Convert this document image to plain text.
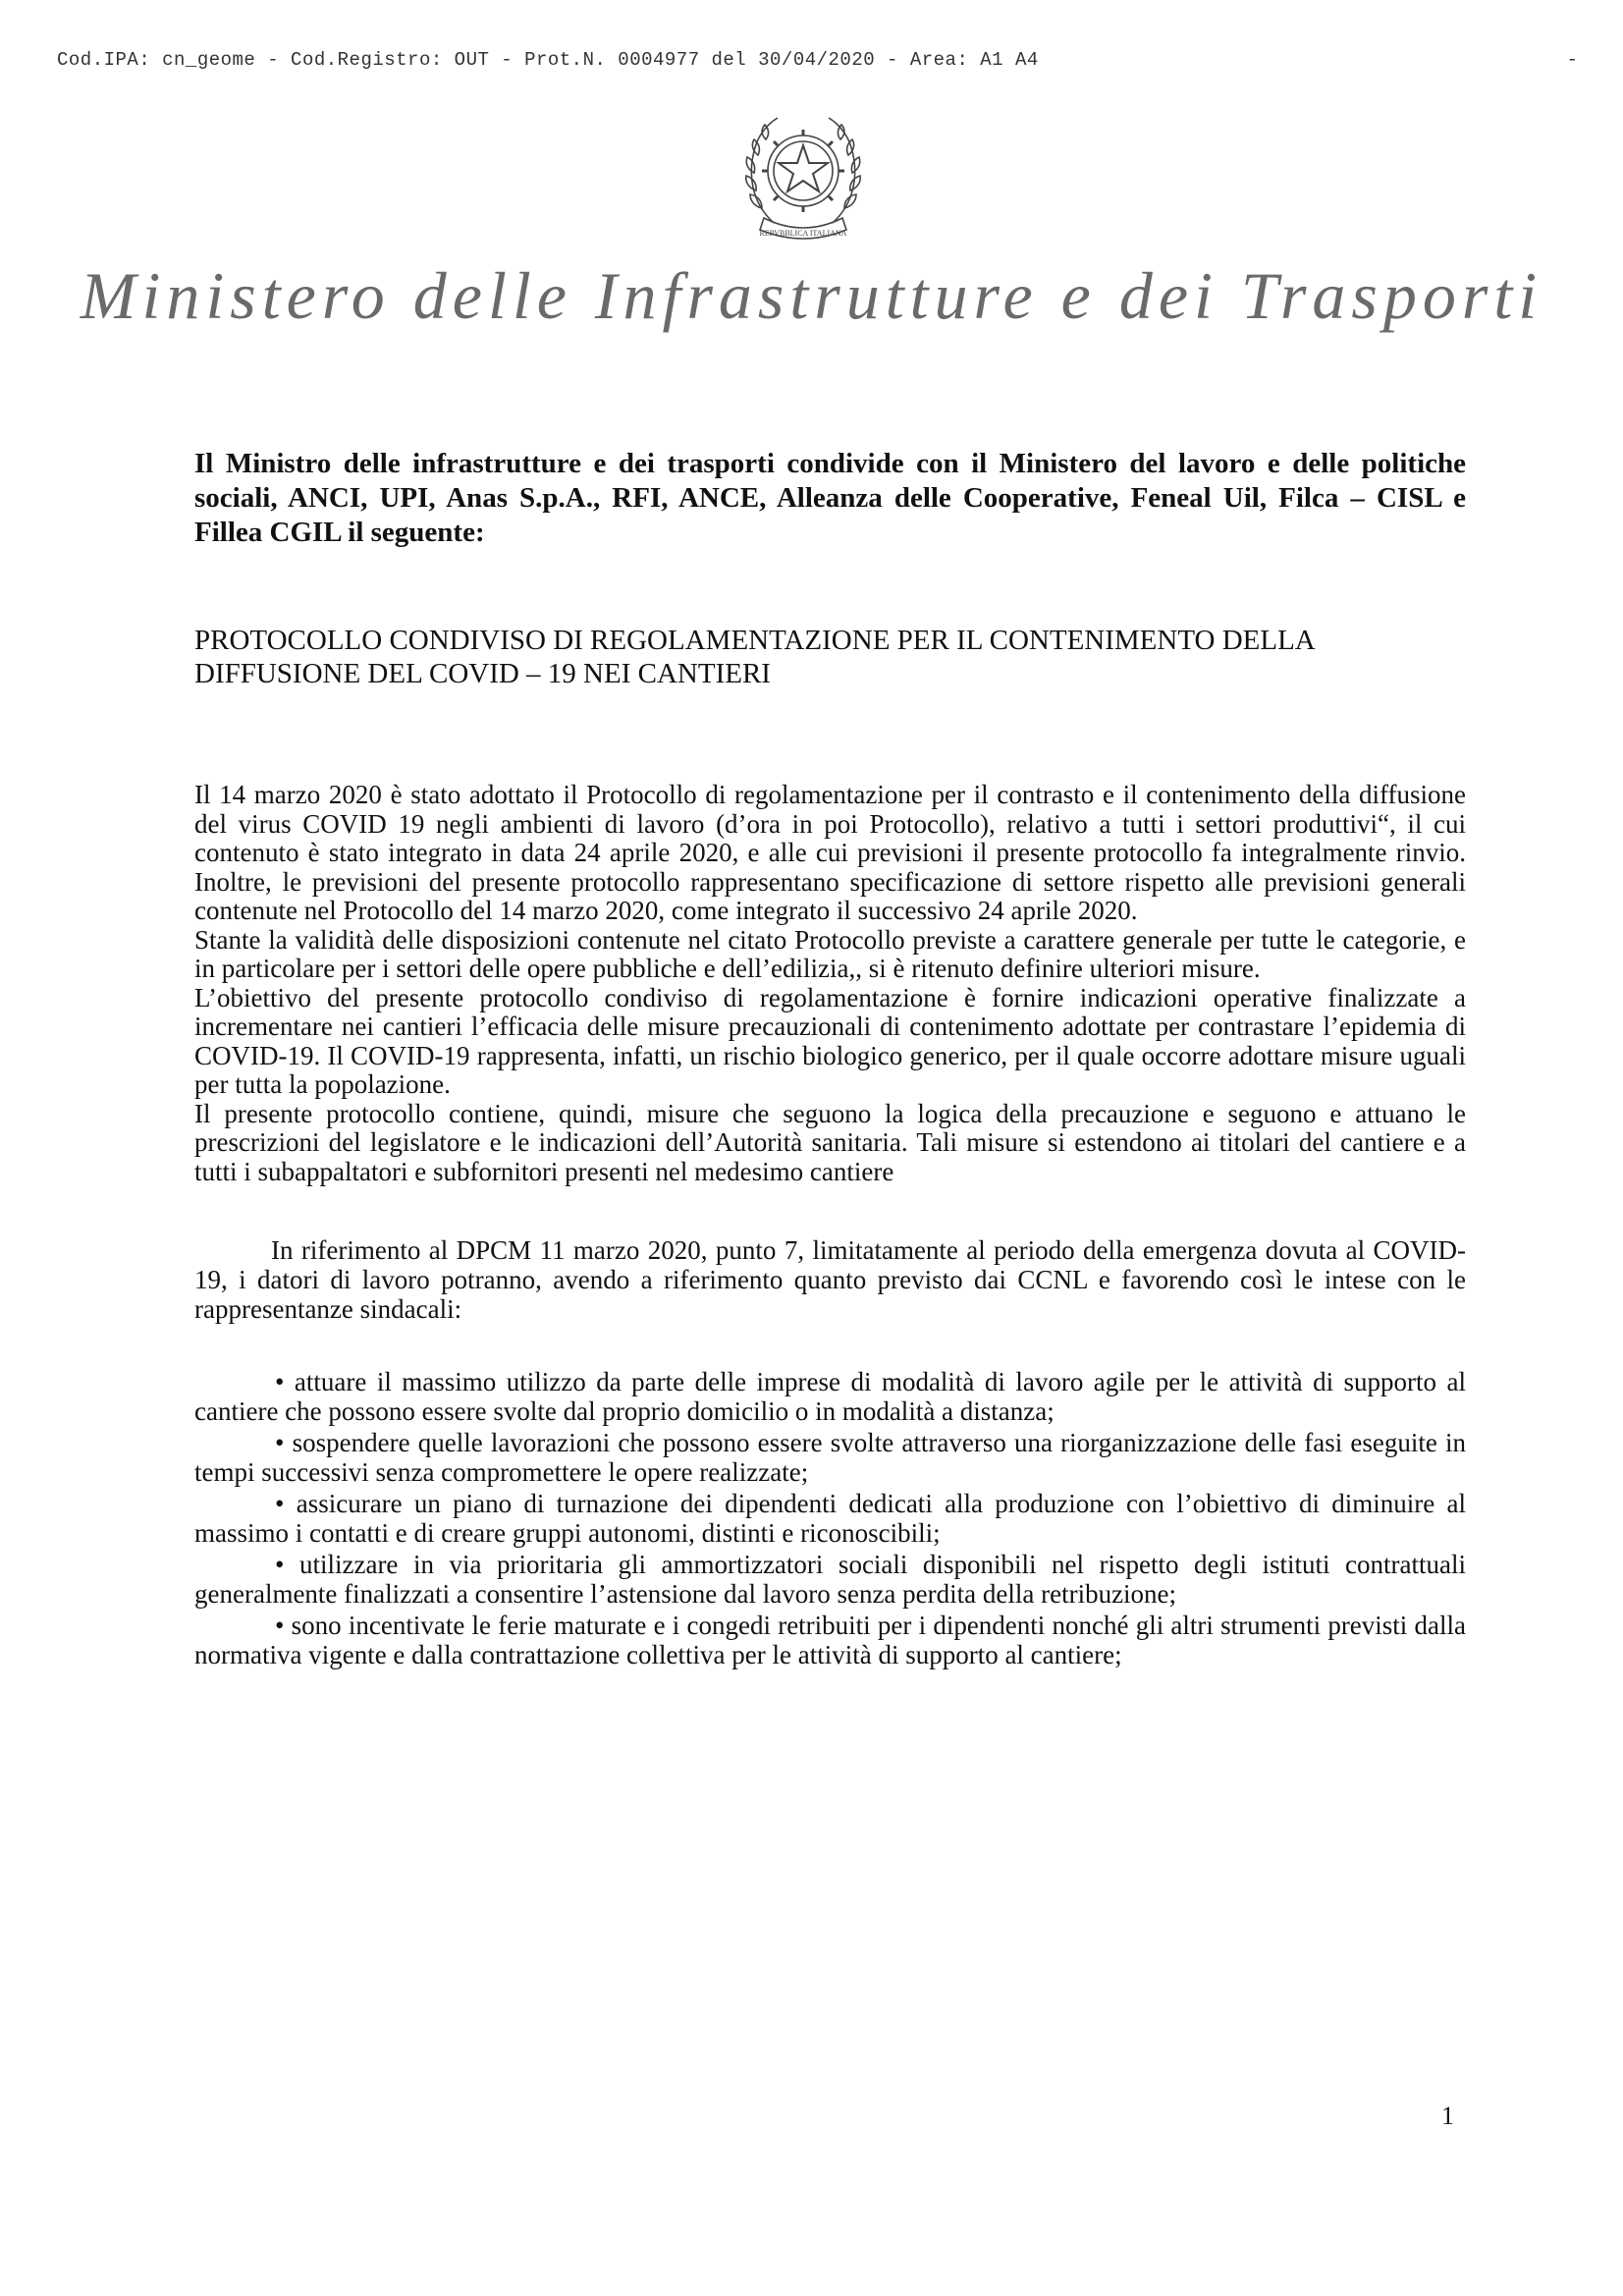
Cod.IPA: cn_geome - Cod.Registro: OUT - Prot.N. 0004977 del 30/04/2020 - Area: A1 A4	-
REPVBBLICA ITALIANA
Ministero delle Infrastrutture e dei Trasporti

Il Ministro delle infrastrutture e dei trasporti condivide con il Ministero del lavoro e delle politiche sociali, ANCI, UPI, Anas S.p.A., RFI, ANCE, Alleanza delle Cooperative, Feneal Uil, Filca – CISL e Fillea CGIL il seguente:

PROTOCOLLO CONDIVISO DI REGOLAMENTAZIONE PER IL CONTENIMENTO DELLA DIFFUSIONE DEL COVID – 19 NEI CANTIERI

Il 14 marzo 2020 è stato adottato il Protocollo di regolamentazione per il contrasto e il contenimento della diffusione del virus COVID 19 negli ambienti di lavoro (d’ora in poi Protocollo), relativo a tutti i settori produttivi“, il cui contenuto è stato integrato in data 24 aprile 2020, e alle cui previsioni il presente protocollo fa integralmente rinvio. Inoltre, le previsioni del presente protocollo rappresentano specificazione di settore rispetto alle previsioni generali contenute nel Protocollo del 14 marzo 2020, come integrato il successivo 24 aprile 2020.

Stante la validità delle disposizioni contenute nel citato Protocollo previste a carattere generale per tutte le categorie, e in particolare per i settori delle opere pubbliche e dell’edilizia,, si è ritenuto definire ulteriori misure.

L’obiettivo del presente protocollo condiviso di regolamentazione è fornire indicazioni operative finalizzate a incrementare nei cantieri l’efficacia delle misure precauzionali di contenimento adottate per contrastare l’epidemia di COVID-19. Il COVID-19 rappresenta, infatti, un rischio biologico generico, per il quale occorre adottare misure uguali per tutta la popolazione.

Il presente protocollo contiene, quindi, misure che seguono la logica della precauzione e seguono e attuano le prescrizioni del legislatore e le indicazioni dell’Autorità sanitaria. Tali misure si estendono ai titolari del cantiere e a tutti i subappaltatori e subfornitori presenti nel medesimo cantiere

In riferimento al DPCM 11 marzo 2020, punto 7, limitatamente al periodo della emergenza dovuta al COVID-19, i datori di lavoro potranno, avendo a riferimento quanto previsto dai CCNL e favorendo così le intese con le rappresentanze sindacali:

• attuare il massimo utilizzo da parte delle imprese di modalità di lavoro agile per le attività di supporto al cantiere che possono essere svolte dal proprio domicilio o in modalità a distanza;

• sospendere quelle lavorazioni che possono essere svolte attraverso una riorganizzazione delle fasi eseguite in tempi successivi senza compromettere le opere realizzate;

• assicurare un piano di turnazione dei dipendenti dedicati alla produzione con l’obiettivo di diminuire al massimo i contatti e di creare gruppi autonomi, distinti e riconoscibili;

• utilizzare in via prioritaria gli ammortizzatori sociali disponibili nel rispetto degli istituti contrattuali generalmente finalizzati a consentire l’astensione dal lavoro senza perdita della retribuzione;

• sono incentivate le ferie maturate e i congedi retribuiti per i dipendenti nonché gli altri strumenti previsti dalla normativa vigente e dalla contrattazione collettiva per le attività di supporto al cantiere;

1
